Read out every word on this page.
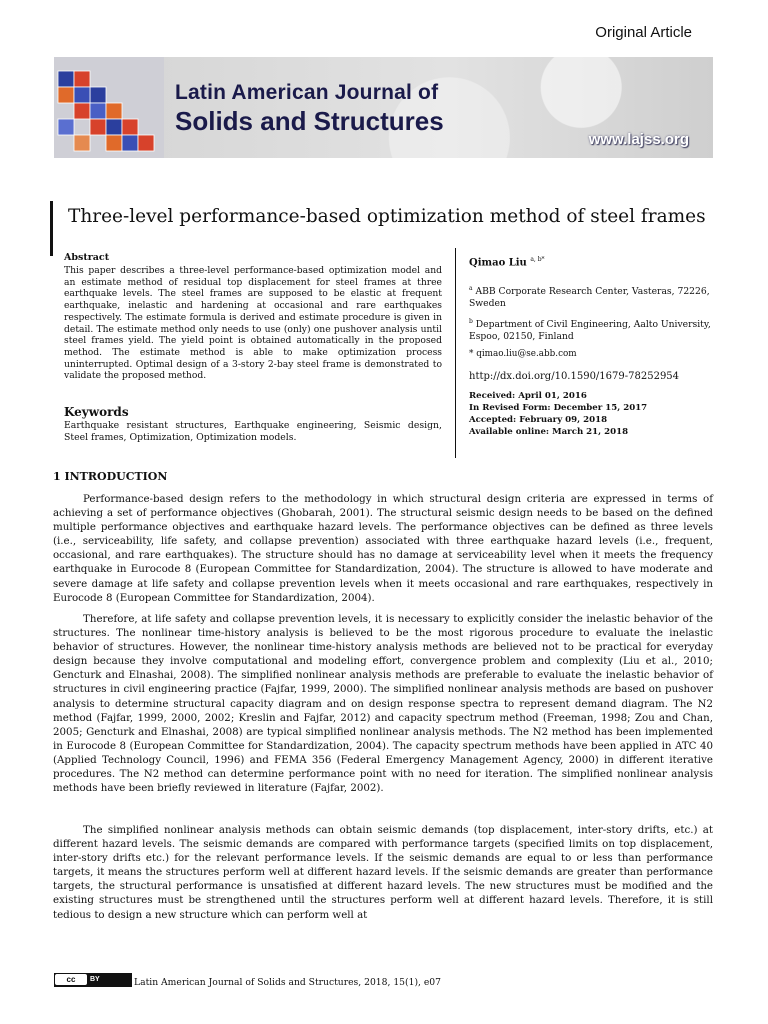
Original Article
Latin American Journal of
Solids and Structures
www.lajss.org
Three-level performance-based optimization method of steel frames
Abstract
This paper describes a three-level performance-based optimization model and an estimate method of residual top displacement for steel frames at three earthquake levels. The steel frames are supposed to be elastic at frequent earthquake, inelastic and hardening at occasional and rare earthquakes respectively. The estimate formula is derived and estimate procedure is given in detail. The estimate method only needs to use (only) one pushover analysis until steel frames yield. The yield point is obtained automatically in the proposed method. The estimate method is able to make optimization process uninterrupted. Optimal design of a 3-story 2-bay steel frame is demonstrated to validate the proposed method.
Keywords
Earthquake resistant structures, Earthquake engineering, Seismic design, Steel frames, Optimization, Optimization models.
Qimao Liu $^{a, b*}$
$^a$ ABB Corporate Research Center, Vasteras, 72226, Sweden
$^b$ Department of Civil Engineering, Aalto University, Espoo, 02150, Finland
* qimao.liu@se.abb.com
http://dx.doi.org/10.1590/1679-78252954
Received: April 01, 2016
In Revised Form: December 15, 2017
Accepted: February 09, 2018
Available online: March 21, 2018
1 INTRODUCTION

Performance-based design refers to the methodology in which structural design criteria are expressed in terms of achieving a set of performance objectives (Ghobarah, 2001). The structural seismic design needs to be based on the defined multiple performance objectives and earthquake hazard levels. The performance objectives can be defined as three levels (i.e., serviceability, life safety, and collapse prevention) associated with three earthquake hazard levels (i.e., frequent, occasional, and rare earthquakes). The structure should has no damage at serviceability level when it meets the frequency earthquake in Eurocode 8 (European Committee for Standardization, 2004). The structure is allowed to have moderate and severe damage at life safety and collapse prevention levels when it meets occasional and rare earthquakes, respectively in Eurocode 8 (European Committee for Standardization, 2004).

Therefore, at life safety and collapse prevention levels, it is necessary to explicitly consider the inelastic behavior of the structures. The nonlinear time-history analysis is believed to be the most rigorous procedure to evaluate the inelastic behavior of structures. However, the nonlinear time-history analysis methods are believed not to be practical for everyday design because they involve computational and modeling effort, convergence problem and complexity (Liu et al., 2010; Gencturk and Elnashai, 2008). The simplified nonlinear analysis methods are preferable to evaluate the inelastic behavior of structures in civil engineering practice (Fajfar, 1999, 2000). The simplified nonlinear analysis methods are based on pushover analysis to determine structural capacity diagram and on design response spectra to represent demand diagram. The N2 method (Fajfar, 1999, 2000, 2002; Kreslin and Fajfar, 2012) and capacity spectrum method (Freeman, 1998; Zou and Chan, 2005; Gencturk and Elnashai, 2008) are typical simplified nonlinear analysis methods. The N2 method has been implemented in Eurocode 8 (European Committee for Standardization, 2004). The capacity spectrum methods have been applied in ATC 40 (Applied Technology Council, 1996) and FEMA 356 (Federal Emergency Management Agency, 2000) in different iterative procedures. The N2 method can determine performance point with no need for iteration. The simplified nonlinear analysis methods have been briefly reviewed in literature (Fajfar, 2002).

The simplified nonlinear analysis methods can obtain seismic demands (top displacement, inter-story drifts, etc.) at different hazard levels. The seismic demands are compared with performance targets (specified limits on top displacement, inter-story drifts etc.) for the relevant performance levels. If the seismic demands are equal to or less than performance targets, it means the structures perform well at different hazard levels. If the seismic demands are greater than performance targets, the structural performance is unsatisfied at different hazard levels. The new structures must be modified and the existing structures must be strengthened until the structures perform well at different hazard levels. Therefore, it is still tedious to design a new structure which can perform well at

cc	BY	Latin American Journal of Solids and Structures, 2018, 15(1), e07
